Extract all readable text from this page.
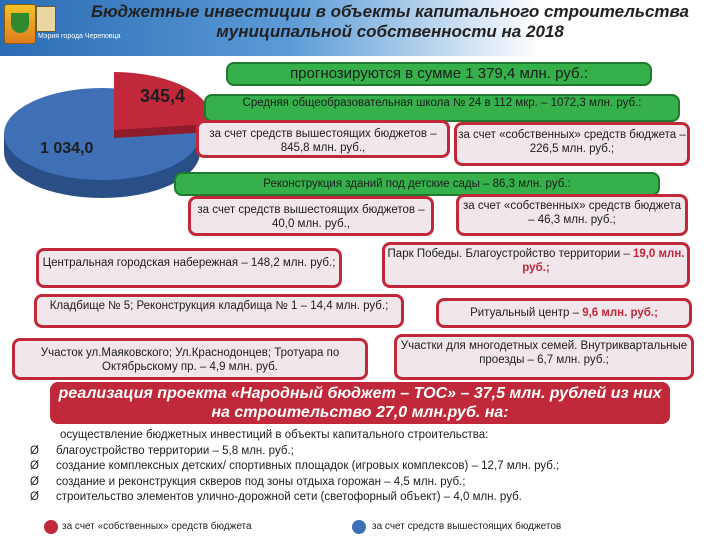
Мэрия города Череповца
Бюджетные инвестиции в объекты капитального строительства муниципальной собственности на 2018
прогнозируются в сумме 1 379,4 млн. руб.:
345,4
1 034,0
Средняя общеобразовательная школа № 24 в 112 мкр. – 1072,3 млн. руб.:
за счет средств вышестоящих бюджетов – 845,8 млн. руб.,
за счет «собственных» средств бюджета – 226,5 млн. руб.;
Реконструкция зданий под детские сады – 86,3 млн. руб.:
за счет средств вышестоящих бюджетов – 40,0 млн. руб.,
за счет «собственных» средств бюджета – 46,3 млн. руб.;
Центральная городская набережная – 148,2 млн. руб.;
Парк Победы. Благоустройство территории – 19,0 млн. руб.;
Кладбище № 5; Реконструкция кладбища № 1 – 14,4 млн. руб.;
Ритуальный центр – 9,6 млн. руб.;
Участок ул.Маяковского; Ул.Краснодонцев; Тротуара по Октябрьскому пр. – 4,9 млн. руб.
Участки для многодетных семей. Внутриквартальные проезды – 6,7 млн. руб.;
реализация проекта «Народный бюджет – ТОС» – 37,5 млн. рублей из них на строительство 27,0 млн.руб. на:
осуществление бюджетных инвестиций в объекты капитального строительства:
Ø благоустройство территории – 5,8 млн. руб.;
Ø создание комплексных детских/ спортивных площадок (игровых комплексов) – 12,7 млн. руб.;
Ø создание и реконструкция скверов под зоны отдыха горожан – 4,5 млн. руб.;
Ø строительство элементов улично-дорожной сети (светофорный объект) – 4,0 млн. руб.
за счет «собственных» средств бюджета	за счет средств вышестоящих бюджетов
